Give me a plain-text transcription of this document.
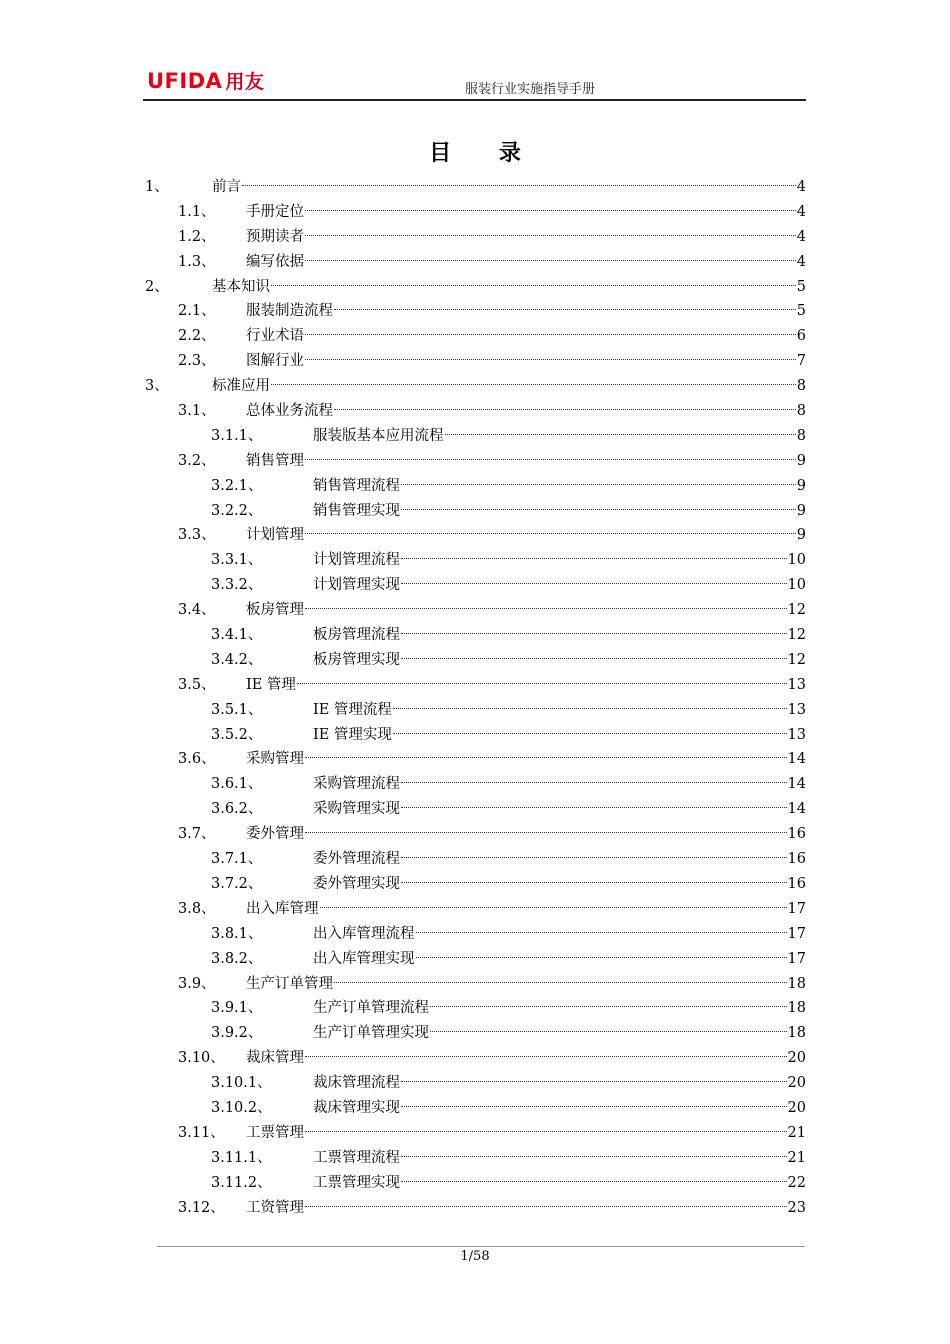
UFIDA 用友	服装行业实施指导手册
目 录
1、	前言	4
1.1、 手册定位	4
1.2、 预期读者	4
1.3、 编写依据	4
2、	基本知识	5
2.1、 服装制造流程	5
2.2、 行业术语	6
2.3、 图解行业	7
3、	标准应用	8
3.1、 总体业务流程	8
3.1.1、	服装版基本应用流程	8
3.2、 销售管理	9
3.2.1、	销售管理流程	9
3.2.2、	销售管理实现	9
3.3、 计划管理	9
3.3.1、	计划管理流程	10
3.3.2、	计划管理实现	10
3.4、 板房管理	12
3.4.1、	板房管理流程	12
3.4.2、	板房管理实现	12
3.5、 IE 管理	13
3.5.1、	IE 管理流程	13
3.5.2、	IE 管理实现	13
3.6、 采购管理	14
3.6.1、	采购管理流程	14
3.6.2、	采购管理实现	14
3.7、 委外管理	16
3.7.1、	委外管理流程	16
3.7.2、	委外管理实现	16
3.8、 出入库管理	17
3.8.1、	出入库管理流程	17
3.8.2、	出入库管理实现	17
3.9、 生产订单管理	18
3.9.1、	生产订单管理流程	18
3.9.2、	生产订单管理实现	18
3.10、 裁床管理	20
3.10.1、	裁床管理流程	20
3.10.2、	裁床管理实现	20
3.11、 工票管理	21
3.11.1、	工票管理流程	21
3.11.2、	工票管理实现	22
3.12、 工资管理	23
1/58
